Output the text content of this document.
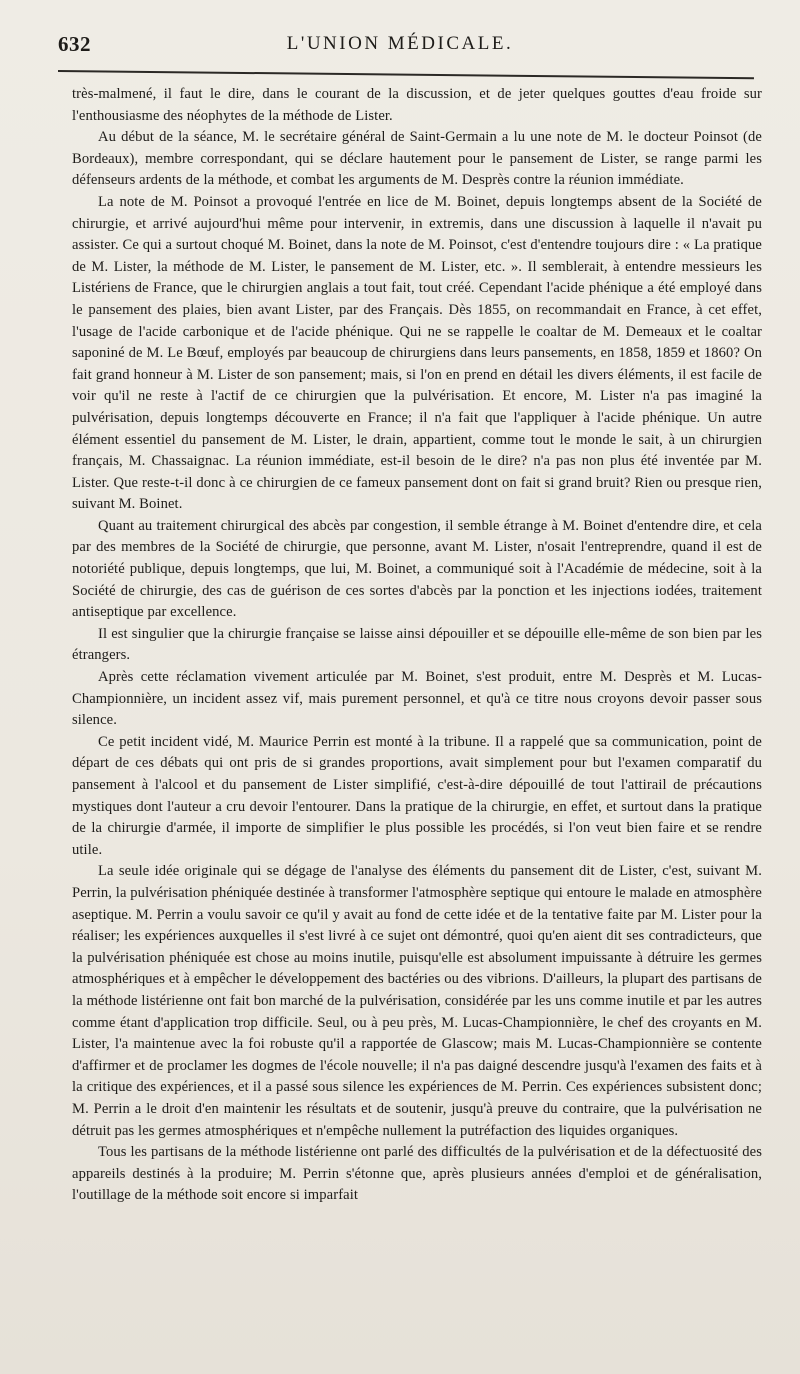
632	L'UNION MÉDICALE.

très-malmené, il faut le dire, dans le courant de la discussion, et de jeter quelques gouttes d'eau froide sur l'enthousiasme des néophytes de la méthode de Lister.

Au début de la séance, M. le secrétaire général de Saint-Germain a lu une note de M. le docteur Poinsot (de Bordeaux), membre correspondant, qui se déclare hautement pour le pansement de Lister, se range parmi les défenseurs ardents de la méthode, et combat les arguments de M. Desprès contre la réunion immédiate.

La note de M. Poinsot a provoqué l'entrée en lice de M. Boinet, depuis longtemps absent de la Société de chirurgie, et arrivé aujourd'hui même pour intervenir, in extremis, dans une discussion à laquelle il n'avait pu assister. Ce qui a surtout choqué M. Boinet, dans la note de M. Poinsot, c'est d'entendre toujours dire : « La pratique de M. Lister, la méthode de M. Lister, le pansement de M. Lister, etc. ». Il semblerait, à entendre messieurs les Listériens de France, que le chirurgien anglais a tout fait, tout créé. Cependant l'acide phénique a été employé dans le pansement des plaies, bien avant Lister, par des Français. Dès 1855, on recommandait en France, à cet effet, l'usage de l'acide carbonique et de l'acide phénique. Qui ne se rappelle le coaltar de M. Demeaux et le coaltar saponiné de M. Le Bœuf, employés par beaucoup de chirurgiens dans leurs pansements, en 1858, 1859 et 1860? On fait grand honneur à M. Lister de son pansement; mais, si l'on en prend en détail les divers éléments, il est facile de voir qu'il ne reste à l'actif de ce chirurgien que la pulvérisation. Et encore, M. Lister n'a pas imaginé la pulvérisation, depuis longtemps découverte en France; il n'a fait que l'appliquer à l'acide phénique. Un autre élément essentiel du pansement de M. Lister, le drain, appartient, comme tout le monde le sait, à un chirurgien français, M. Chassaignac. La réunion immédiate, est-il besoin de le dire? n'a pas non plus été inventée par M. Lister. Que reste-t-il donc à ce chirurgien de ce fameux pansement dont on fait si grand bruit? Rien ou presque rien, suivant M. Boinet.

Quant au traitement chirurgical des abcès par congestion, il semble étrange à M. Boinet d'entendre dire, et cela par des membres de la Société de chirurgie, que personne, avant M. Lister, n'osait l'entreprendre, quand il est de notoriété publique, depuis longtemps, que lui, M. Boinet, a communiqué soit à l'Académie de médecine, soit à la Société de chirurgie, des cas de guérison de ces sortes d'abcès par la ponction et les injections iodées, traitement antiseptique par excellence.

Il est singulier que la chirurgie française se laisse ainsi dépouiller et se dépouille elle-même de son bien par les étrangers.

Après cette réclamation vivement articulée par M. Boinet, s'est produit, entre M. Desprès et M. Lucas-Championnière, un incident assez vif, mais purement personnel, et qu'à ce titre nous croyons devoir passer sous silence.

Ce petit incident vidé, M. Maurice Perrin est monté à la tribune. Il a rappelé que sa communication, point de départ de ces débats qui ont pris de si grandes proportions, avait simplement pour but l'examen comparatif du pansement à l'alcool et du pansement de Lister simplifié, c'est-à-dire dépouillé de tout l'attirail de précautions mystiques dont l'auteur a cru devoir l'entourer. Dans la pratique de la chirurgie, en effet, et surtout dans la pratique de la chirurgie d'armée, il importe de simplifier le plus possible les procédés, si l'on veut bien faire et se rendre utile.

La seule idée originale qui se dégage de l'analyse des éléments du pansement dit de Lister, c'est, suivant M. Perrin, la pulvérisation phéniquée destinée à transformer l'atmosphère septique qui entoure le malade en atmosphère aseptique. M. Perrin a voulu savoir ce qu'il y avait au fond de cette idée et de la tentative faite par M. Lister pour la réaliser; les expériences auxquelles il s'est livré à ce sujet ont démontré, quoi qu'en aient dit ses contradicteurs, que la pulvérisation phéniquée est chose au moins inutile, puisqu'elle est absolument impuissante à détruire les germes atmosphériques et à empêcher le développement des bactéries ou des vibrions. D'ailleurs, la plupart des partisans de la méthode listérienne ont fait bon marché de la pulvérisation, considérée par les uns comme inutile et par les autres comme étant d'application trop difficile. Seul, ou à peu près, M. Lucas-Championnière, le chef des croyants en M. Lister, l'a maintenue avec la foi robuste qu'il a rapportée de Glascow; mais M. Lucas-Championnière se contente d'affirmer et de proclamer les dogmes de l'école nouvelle; il n'a pas daigné descendre jusqu'à l'examen des faits et à la critique des expériences, et il a passé sous silence les expériences de M. Perrin. Ces expériences subsistent donc; M. Perrin a le droit d'en maintenir les résultats et de soutenir, jusqu'à preuve du contraire, que la pulvérisation ne détruit pas les germes atmosphériques et n'empêche nullement la putréfaction des liquides organiques.

Tous les partisans de la méthode listérienne ont parlé des difficultés de la pulvérisation et de la défectuosité des appareils destinés à la produire; M. Perrin s'étonne que, après plusieurs années d'emploi et de généralisation, l'outillage de la méthode soit encore si imparfait
